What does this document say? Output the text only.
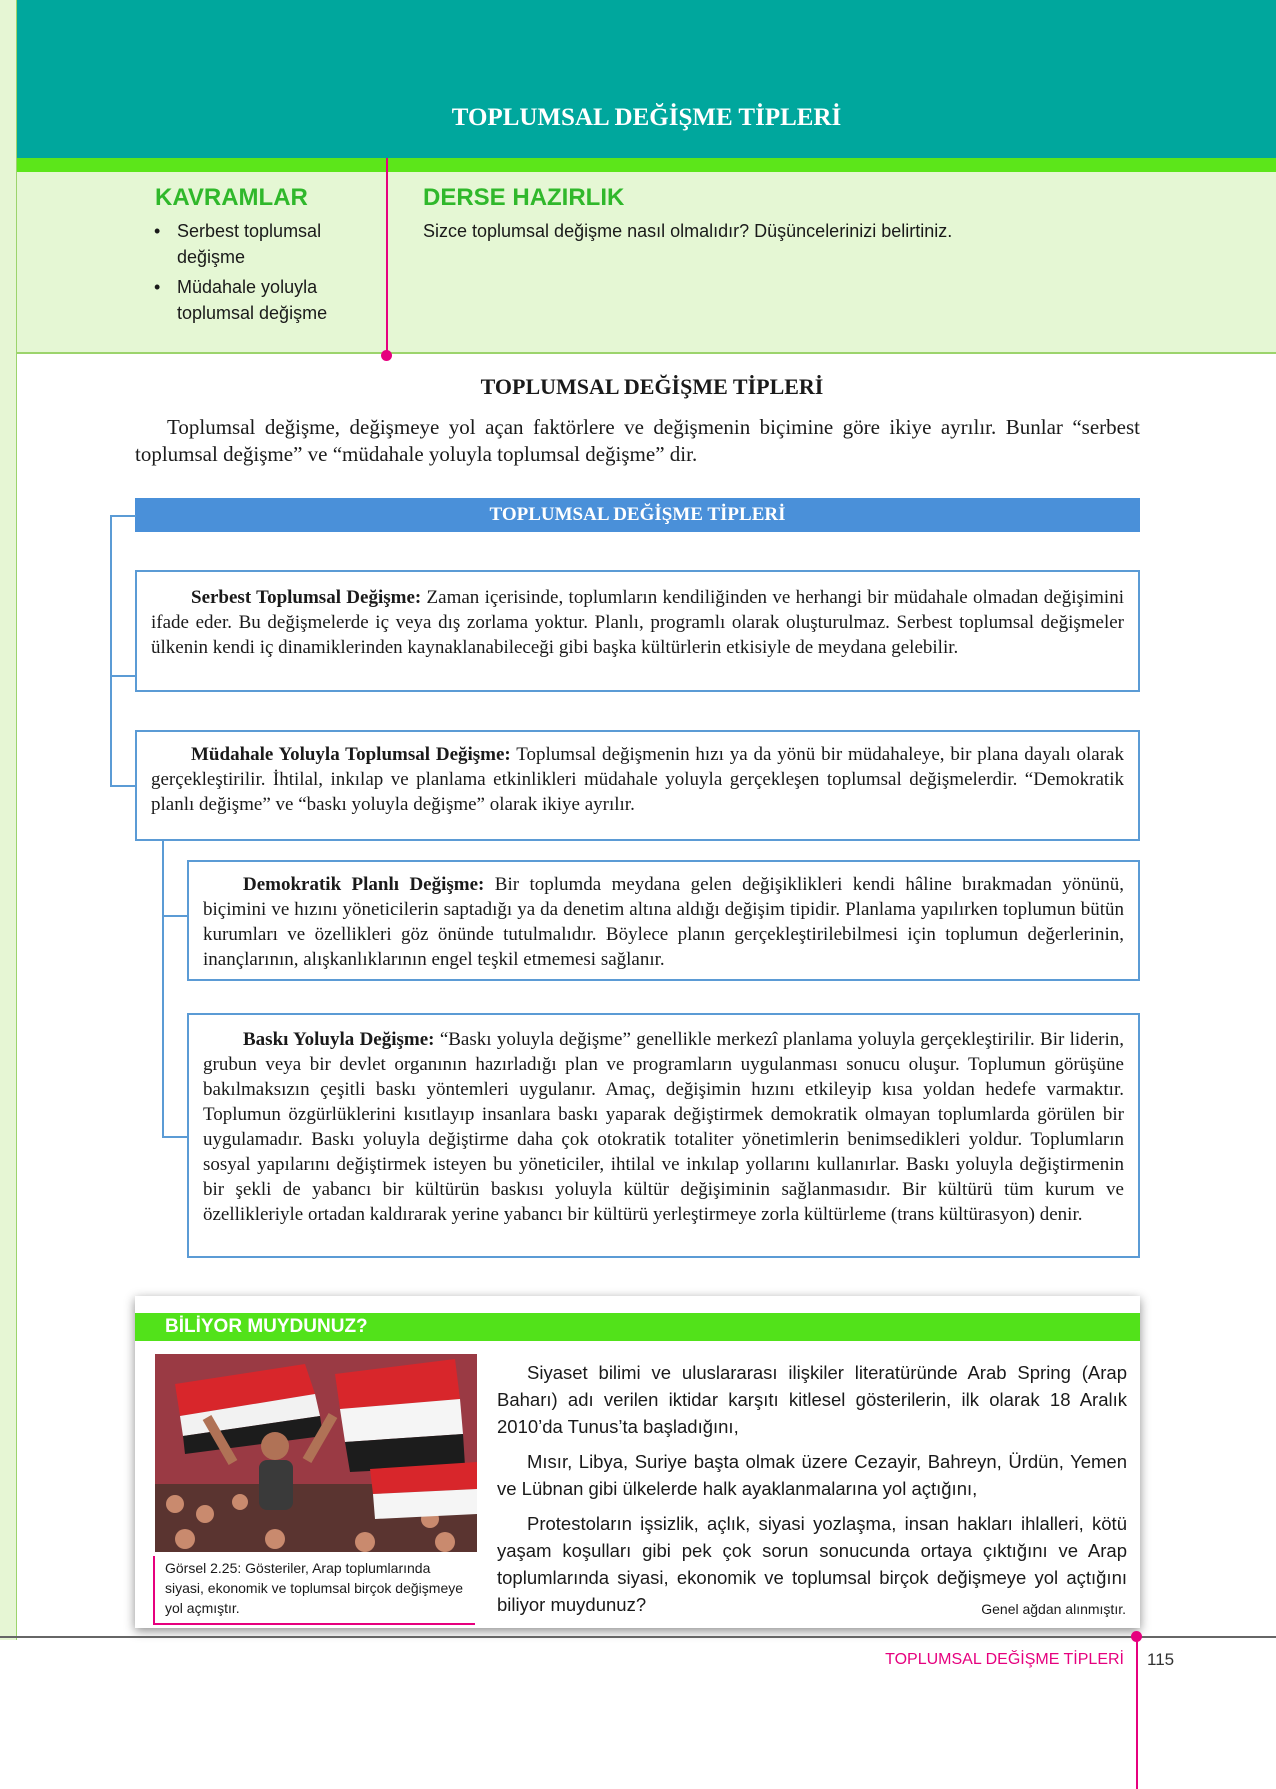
TOPLUMSAL DEĞİŞME TİPLERİ
KAVRAMLAR
• Serbest toplumsal değişme
• Müdahale yoluyla toplumsal değişme
DERSE HAZIRLIK
Sizce toplumsal değişme nasıl olmalıdır? Düşüncelerinizi belirtiniz.
TOPLUMSAL DEĞİŞME TİPLERİ
Toplumsal değişme, değişmeye yol açan faktörlere ve değişmenin biçimine göre ikiye ayrılır. Bunlar “serbest toplumsal değişme” ve “müdahale yoluyla toplumsal değişme” dir.
TOPLUMSAL DEĞİŞME TİPLERİ

Serbest Toplumsal Değişme: Zaman içerisinde, toplumların kendiliğinden ve herhangi bir müdahale olmadan değişimini ifade eder. Bu değişmelerde iç veya dış zorlama yoktur. Planlı, programlı olarak oluşturulmaz. Serbest toplumsal değişmeler ülkenin kendi iç dinamiklerinden kaynaklanabileceği gibi başka kültürlerin etkisiyle de meydana gelebilir.

Müdahale Yoluyla Toplumsal Değişme: Toplumsal değişmenin hızı ya da yönü bir müdahaleye, bir plana dayalı olarak gerçekleştirilir. İhtilal, inkılap ve planlama etkinlikleri müdahale yoluyla gerçekleşen toplumsal değişmelerdir. “Demokratik planlı değişme” ve “baskı yoluyla değişme” olarak ikiye ayrılır.

Demokratik Planlı Değişme: Bir toplumda meydana gelen değişiklikleri kendi hâline bırakmadan yönünü, biçimini ve hızını yöneticilerin saptadığı ya da denetim altına aldığı değişim tipidir. Planlama yapılırken toplumun bütün kurumları ve özellikleri göz önünde tutulmalıdır. Böylece planın gerçekleştirilebilmesi için toplumun değerlerinin, inançlarının, alışkanlıklarının engel teşkil etmemesi sağlanır.

Baskı Yoluyla Değişme: “Baskı yoluyla değişme” genellikle merkezî planlama yoluyla gerçekleştirilir. Bir liderin, grubun veya bir devlet organının hazırladığı plan ve programların uygulanması sonucu oluşur. Toplumun görüşüne bakılmaksızın çeşitli baskı yöntemleri uygulanır. Amaç, değişimin hızını etkileyip kısa yoldan hedefe varmaktır. Toplumun özgürlüklerini kısıtlayıp insanlara baskı yaparak değiştirmek demokratik olmayan toplumlarda görülen bir uygulamadır. Baskı yoluyla değiştirme daha çok otokratik totaliter yönetimlerin benimsedikleri yoldur. Toplumların sosyal yapılarını değiştirmek isteyen bu yöneticiler, ihtilal ve inkılap yollarını kullanırlar. Baskı yoluyla değiştirmenin bir şekli de yabancı bir kültürün baskısı yoluyla kültür değişiminin sağlanmasıdır. Bir kültürü tüm kurum ve özellikleriyle ortadan kaldırarak yerine yabancı bir kültürü yerleştirmeye zorla kültürleme (trans kültürasyon) denir.

BİLİYOR MUYDUNUZ?
Görsel 2.25: Gösteriler, Arap toplumlarında siyasi, ekonomik ve toplumsal birçok değişmeye yol açmıştır.

Siyaset bilimi ve uluslararası ilişkiler literatüründe Arab Spring (Arap Baharı) adı verilen iktidar karşıtı kitlesel gösterilerin, ilk olarak 18 Aralık 2010’da Tunus’ta başladığını,

Mısır, Libya, Suriye başta olmak üzere Cezayir, Bahreyn, Ürdün, Yemen ve Lübnan gibi ülkelerde halk ayaklanmalarına yol açtığını,

Protestoların işsizlik, açlık, siyasi yozlaşma, insan hakları ihlalleri, kötü yaşam koşulları gibi pek çok sorun sonucunda ortaya çıktığını ve Arap toplumlarında siyasi, ekonomik ve toplumsal birçok değişmeye yol açtığını biliyor muydunuz?	Genel ağdan alınmıştır.
TOPLUMSAL DEĞİŞME TİPLERİ 115
